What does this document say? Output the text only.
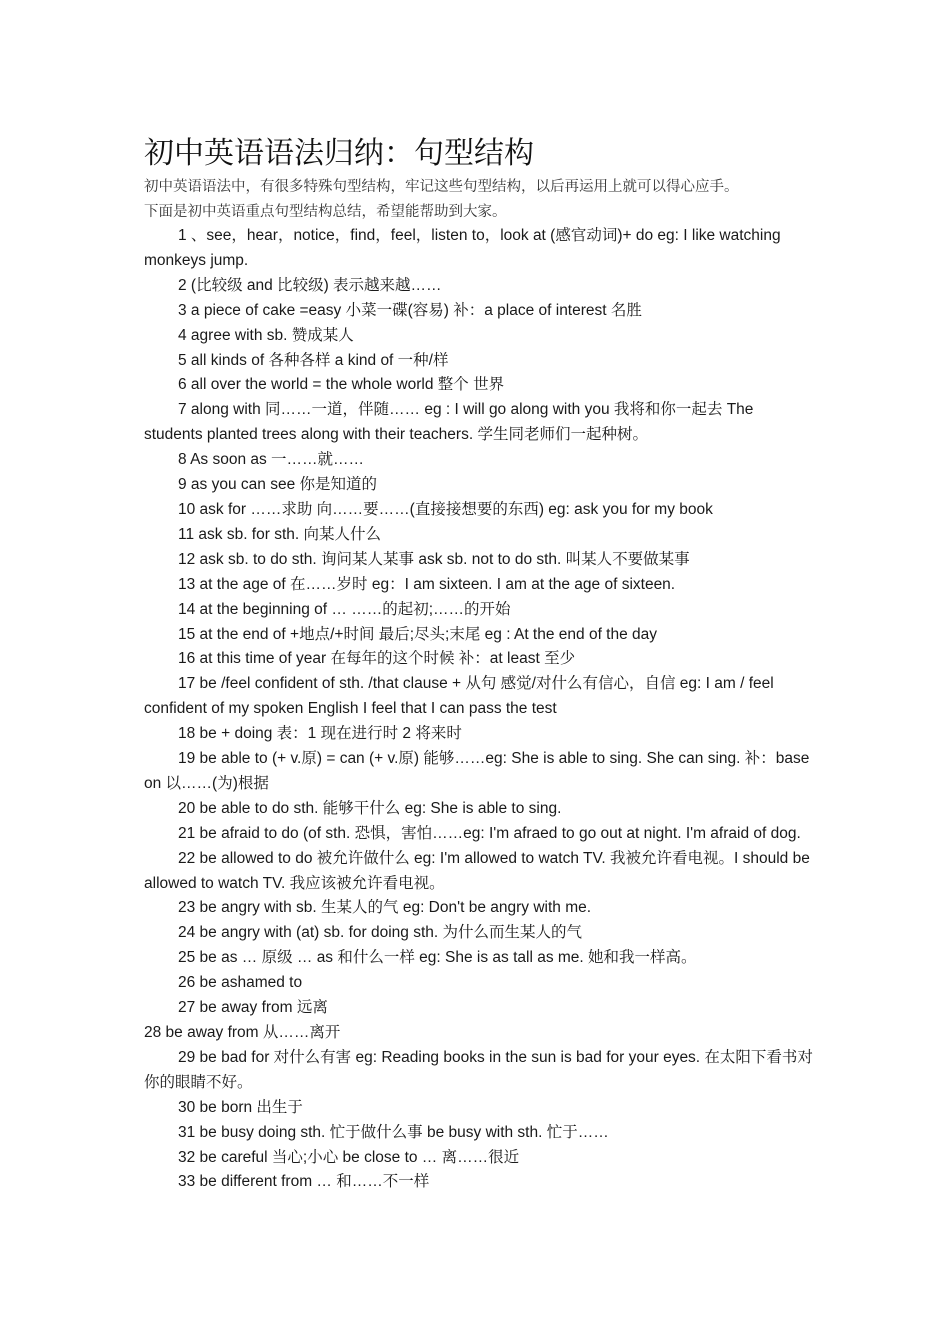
初中英语语法归纳：句型结构

初中英语语法中，有很多特殊句型结构，牢记这些句型结构，以后再运用上就可以得心应手。
下面是初中英语重点句型结构总结，希望能帮助到大家。

1 、see，hear，notice，find，feel，listen to，look at (感官动词)+ do eg: I like watching monkeys jump.

2 (比较级 and 比较级) 表示越来越……

3 a piece of cake =easy 小菜一碟(容易) 补：a place of interest 名胜

4 agree with sb. 赞成某人

5 all kinds of 各种各样 a kind of 一种/样

6 all over the world = the whole world 整个 世界

7 along with 同……一道，伴随…… eg : I will go along with you 我将和你一起去 The students planted trees along with their teachers. 学生同老师们一起种树。

8 As soon as 一……就……

9 as you can see 你是知道的

10 ask for ……求助 向……要……(直接接想要的东西) eg: ask you for my book

11 ask sb. for sth. 向某人什么

12 ask sb. to do sth. 询问某人某事 ask sb. not to do sth. 叫某人不要做某事

13 at the age of 在……岁时 eg：I am sixteen. I am at the age of sixteen.

14 at the beginning of … ……的起初;……的开始

15 at the end of +地点/+时间 最后;尽头;末尾 eg : At the end of the day

16 at this time of year 在每年的这个时候 补：at least 至少

17 be /feel confident of sth. /that clause + 从句 感觉/对什么有信心，自信 eg: I am / feel confident of my spoken English I feel that I can pass the test

18 be + doing 表：1 现在进行时 2 将来时

19 be able to (+ v.原) = can (+ v.原) 能够……eg: She is able to sing. She can sing. 补：base on 以……(为)根据

20 be able to do sth. 能够干什么 eg: She is able to sing.

21 be afraid to do (of sth. 恐惧，害怕……eg: I'm afraed to go out at night. I'm afraid of dog.

22 be allowed to do 被允许做什么 eg: I'm allowed to watch TV. 我被允许看电视。I should be allowed to watch TV. 我应该被允许看电视。

23 be angry with sb. 生某人的气 eg: Don't be angry with me.

24 be angry with (at) sb. for doing sth. 为什么而生某人的气

25 be as … 原级 … as 和什么一样 eg: She is as tall as me. 她和我一样高。

26 be ashamed to

27 be away from 远离

28 be away from 从……离开

29 be bad for 对什么有害 eg: Reading books in the sun is bad for your eyes. 在太阳下看书对你的眼睛不好。

30 be born 出生于

31 be busy doing sth. 忙于做什么事 be busy with sth. 忙于……

32 be careful 当心;小心 be close to … 离……很近

33 be different from … 和……不一样
